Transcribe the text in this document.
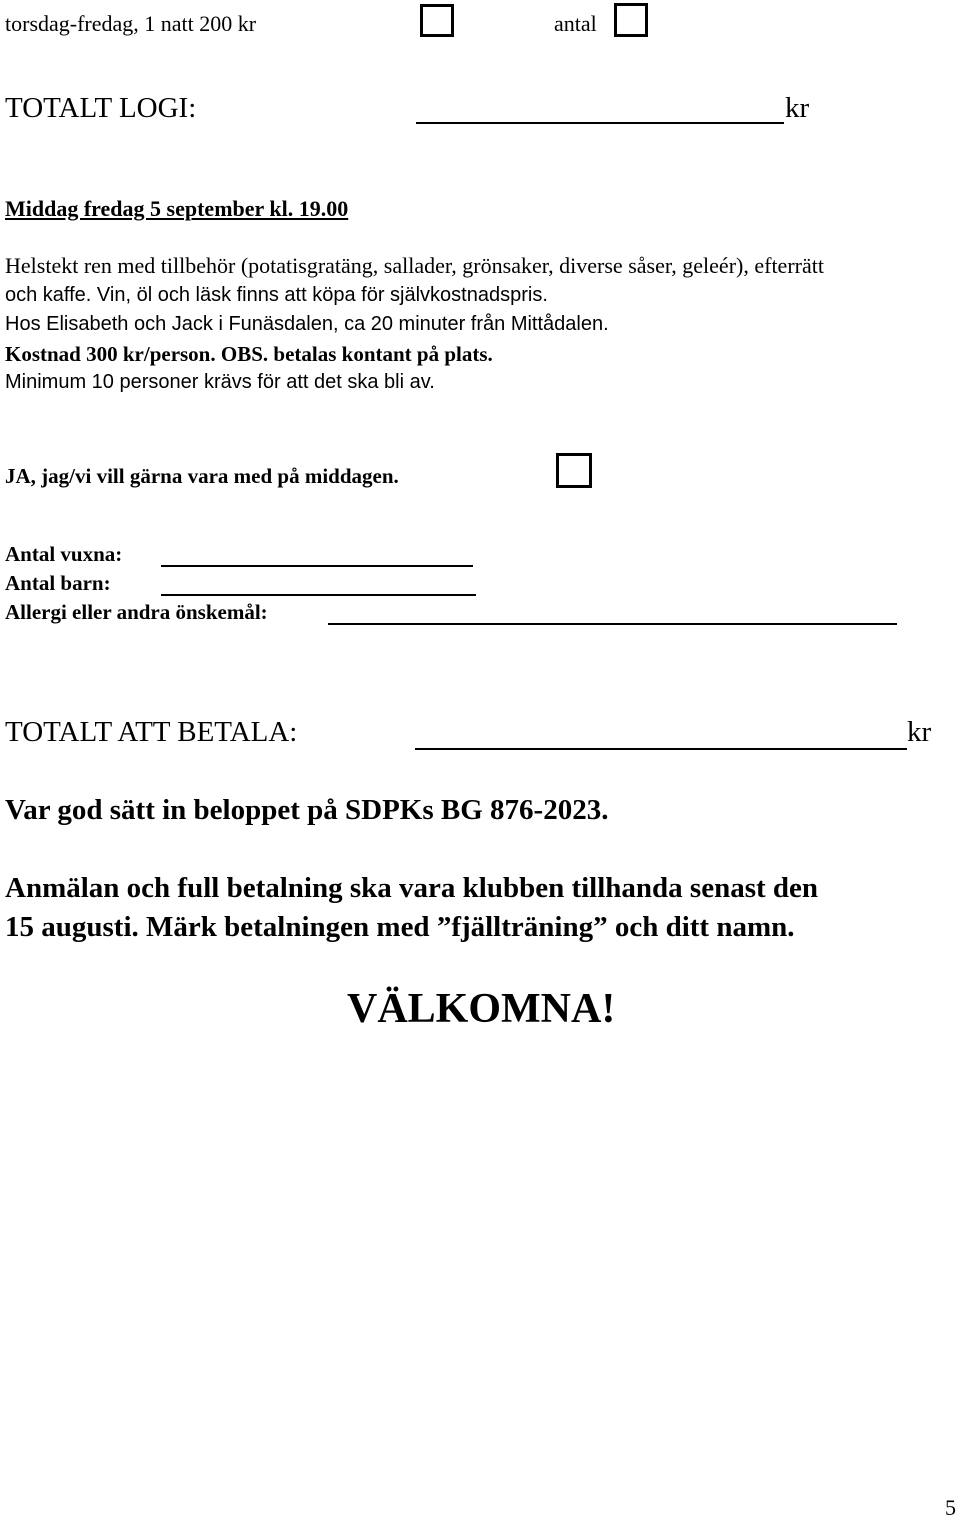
torsdag-fredag, 1 natt 200 kr	antal
TOTALT LOGI:	kr
Middag fredag 5 september kl. 19.00
Helstekt ren med tillbehör (potatisgratäng, sallader, grönsaker, diverse såser, geleér), efterrätt
och kaffe. Vin, öl och läsk finns att köpa för självkostnadspris.
Hos Elisabeth och Jack i Funäsdalen, ca 20 minuter från Mittådalen.
Kostnad 300 kr/person. OBS. betalas kontant på plats.
Minimum 10 personer krävs för att det ska bli av.
JA, jag/vi vill gärna vara med på middagen.
Antal vuxna:
Antal barn:
Allergi eller andra önskemål:
TOTALT ATT BETALA:	kr
Var god sätt in beloppet på SDPKs BG 876-2023.
Anmälan och full betalning ska vara klubben tillhanda senast den
15 augusti. Märk betalningen med ”fjällträning” och ditt namn.
VÄLKOMNA!
5
